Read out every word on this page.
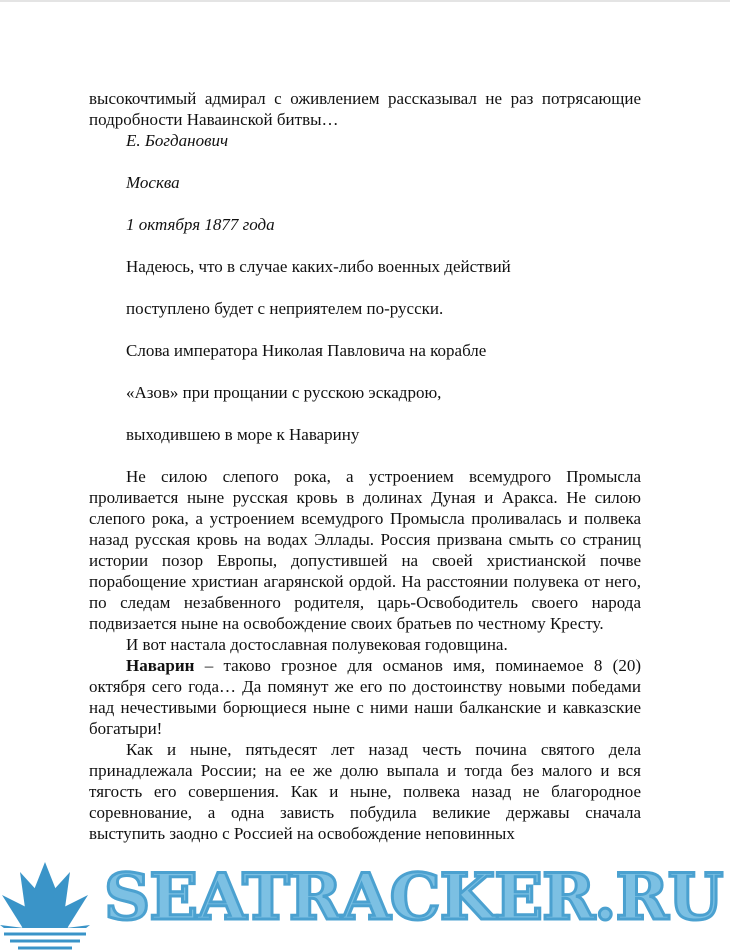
высокочтимый адмирал с оживлением рассказывал не раз потрясающие подробности Наваинской битвы…

Е. Богданович

Москва

1 октября 1877 года

Надеюсь, что в случае каких-либо военных действий

поступлено будет с неприятелем по-русски.

Слова императора Николая Павловича на корабле

«Азов» при прощании с русскою эскадрою,

выходившею в море к Наварину

Не силою слепого рока, а устроением всемудрого Промысла проливается ныне русская кровь в долинах Дуная и Аракса. Не силою слепого рока, а устроением всемудрого Промысла проливалась и полвека назад русская кровь на водах Эллады. Россия призвана смыть со страниц истории позор Европы, допустившей на своей христианской почве порабощение христиан агарянской ордой. На расстоянии полувека от него, по следам незабвенного родителя, царь-Освободитель своего народа подвизается ныне на освобождение своих братьев по честному Кресту.

И вот настала достославная полувековая годовщина.

Наварин – таково грозное для османов имя, поминаемое 8 (20) октября сего года… Да помянут же его по достоинству новыми победами над нечестивыми борющиеся ныне с ними наши балканские и кавказские богатыри!

Как и ныне, пятьдесят лет назад честь почина святого дела принадлежала России; на ее же долю выпала и тогда без малого и вся тягость его совершения. Как и ныне, полвека назад не благородное соревнование, а одна зависть побудила великие державы сначала выступить заодно с Россией на освобождение неповинных

SEATRACKER.RU
